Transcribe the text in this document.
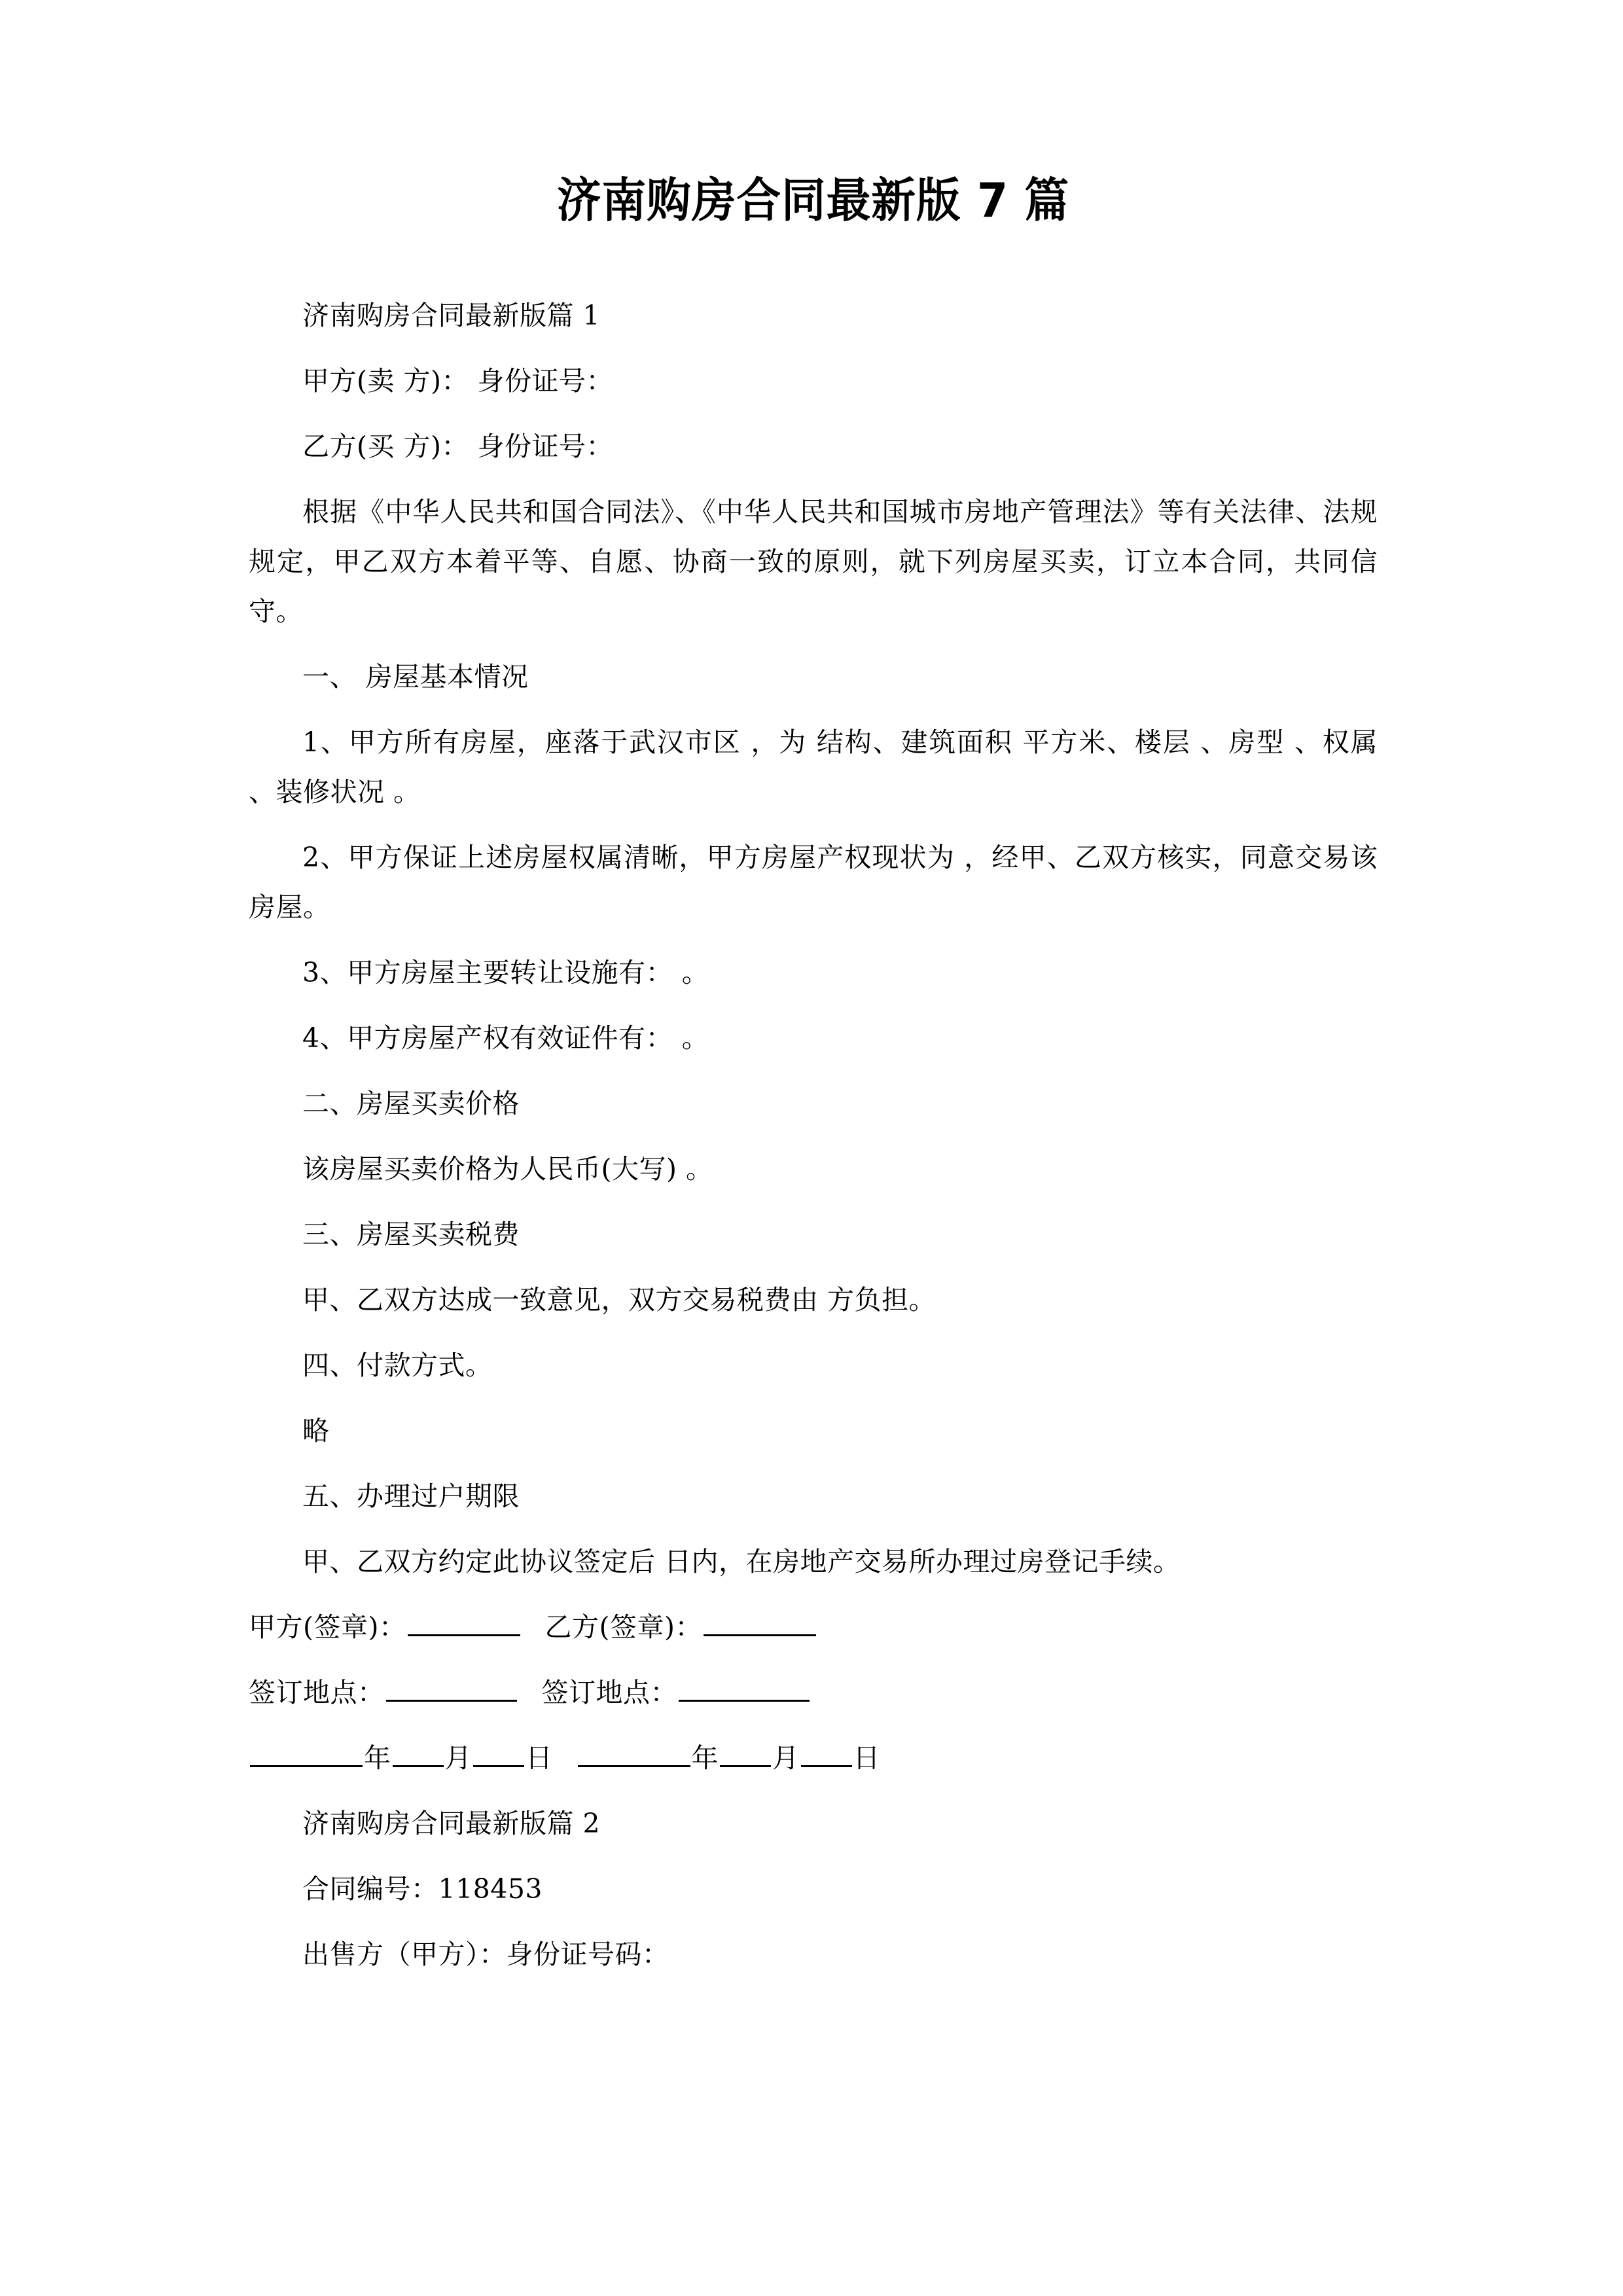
济南购房合同最新版 7 篇

济南购房合同最新版篇 1

甲方(卖 方)： 身份证号：

乙方(买 方)： 身份证号：

根据《中华人民共和国合同法》、《中华人民共和国城市房地产管理法》等有关法律、法规规定，甲乙双方本着平等、自愿、协商一致的原则，就下列房屋买卖，订立本合同，共同信守。

一、 房屋基本情况

1、甲方所有房屋，座落于武汉市区 ，为 结构、建筑面积 平方米、楼层 、房型 、权属 、装修状况 。

2、甲方保证上述房屋权属清晰，甲方房屋产权现状为 ，经甲、乙双方核实，同意交易该房屋。

3、甲方房屋主要转让设施有： 。

4、甲方房屋产权有效证件有： 。

二、房屋买卖价格

该房屋买卖价格为人民币(大写) 。

三、房屋买卖税费

甲、乙双方达成一致意见，双方交易税费由 方负担。

四、付款方式。

略

五、办理过户期限

甲、乙双方约定此协议签定后 日内，在房地产交易所办理过房登记手续。

甲方(签章)：	乙方(签章)：

签订地点：	签订地点：

年 月 日	年 月 日

济南购房合同最新版篇 2

合同编号：118453

出售方（甲方）：身份证号码：
